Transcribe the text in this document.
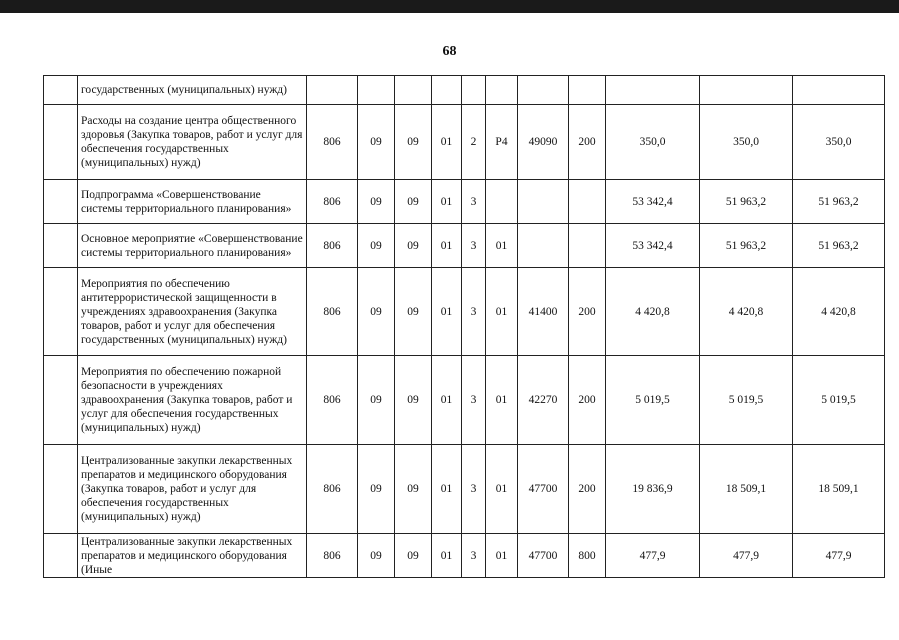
68
	государственных (муниципальных) нужд)											
	Расходы на создание центра общественного здоровья (Закупка товаров, работ и услуг для обеспечения государственных (муниципальных) нужд)	806	09	09	01	2	Р4	49090	200	350,0	350,0	350,0
	Подпрограмма «Совершенствование системы территориального планирования»	806	09	09	01	3				53 342,4	51 963,2	51 963,2
	Основное мероприятие «Совершенствование системы территориального планирования»	806	09	09	01	3	01			53 342,4	51 963,2	51 963,2
	Мероприятия по обеспечению антитеррористической защищенности в учреждениях здравоохранения (Закупка товаров, работ и услуг для обеспечения государственных (муниципальных) нужд)	806	09	09	01	3	01	41400	200	4 420,8	4 420,8	4 420,8
	Мероприятия по обеспечению пожарной безопасности в учреждениях здравоохранения (Закупка товаров, работ и услуг для обеспечения государственных (муниципальных) нужд)	806	09	09	01	3	01	42270	200	5 019,5	5 019,5	5 019,5
	Централизованные закупки лекарственных препаратов и медицинского оборудования (Закупка товаров, работ и услуг для обеспечения государственных (муниципальных) нужд)	806	09	09	01	3	01	47700	200	19 836,9	18 509,1	18 509,1
	Централизованные закупки лекарственных препаратов и медицинского оборудования (Иные	806	09	09	01	3	01	47700	800	477,9	477,9	477,9
